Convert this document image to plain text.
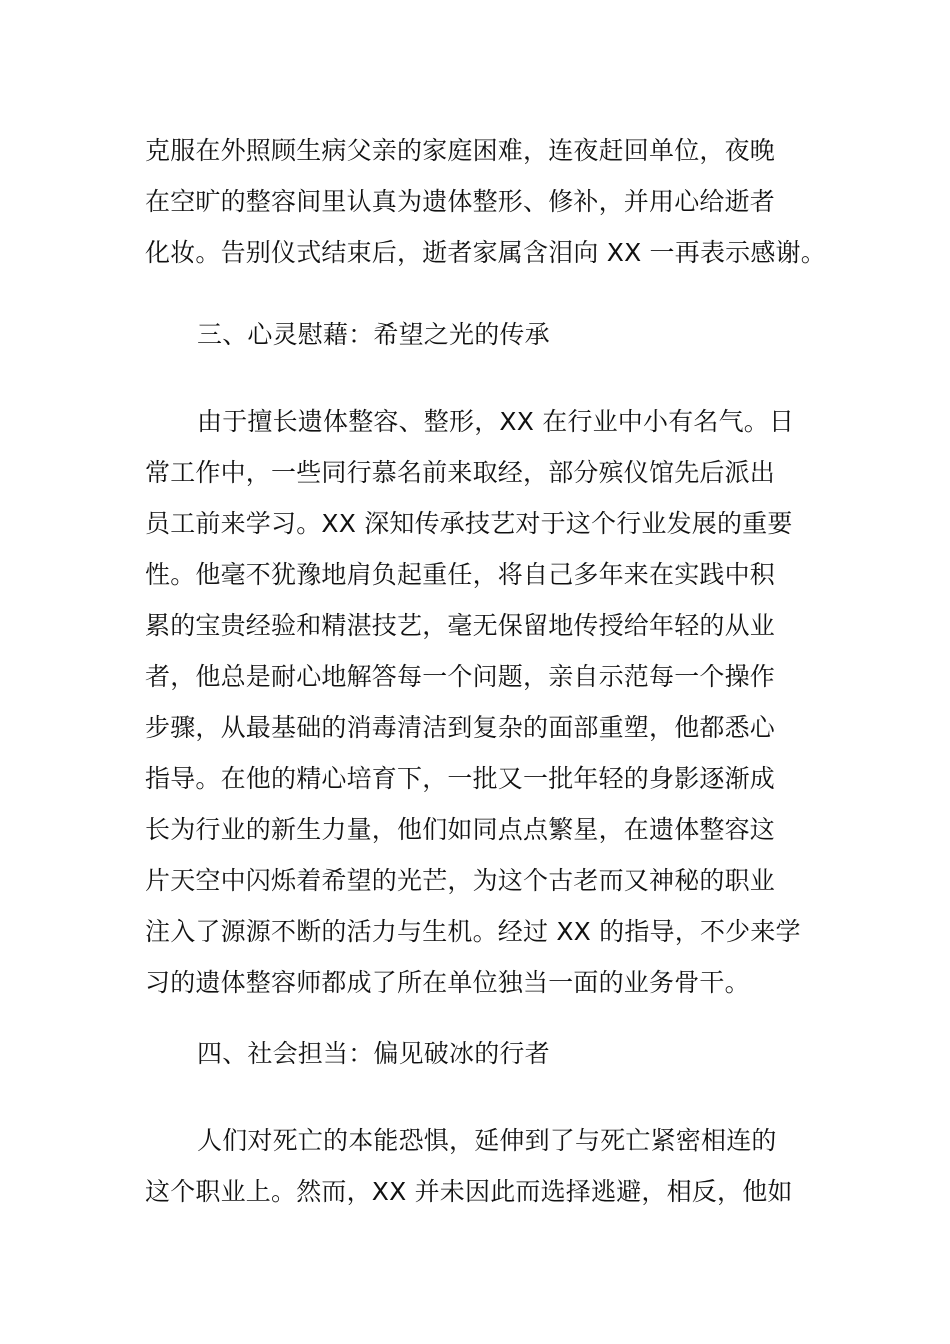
克服在外照顾生病父亲的家庭困难，连夜赶回单位，夜晚
在空旷的整容间里认真为遗体整形、修补，并用心给逝者
化妆。告别仪式结束后，逝者家属含泪向 XX 一再表示感谢。
三、心灵慰藉：希望之光的传承
由于擅长遗体整容、整形，XX 在行业中小有名气。日
常工作中，一些同行慕名前来取经，部分殡仪馆先后派出
员工前来学习。XX 深知传承技艺对于这个行业发展的重要
性。他毫不犹豫地肩负起重任，将自己多年来在实践中积
累的宝贵经验和精湛技艺，毫无保留地传授给年轻的从业
者，他总是耐心地解答每一个问题，亲自示范每一个操作
步骤，从最基础的消毒清洁到复杂的面部重塑，他都悉心
指导。在他的精心培育下，一批又一批年轻的身影逐渐成
长为行业的新生力量，他们如同点点繁星，在遗体整容这
片天空中闪烁着希望的光芒，为这个古老而又神秘的职业
注入了源源不断的活力与生机。经过 XX 的指导，不少来学
习的遗体整容师都成了所在单位独当一面的业务骨干。
四、社会担当：偏见破冰的行者
人们对死亡的本能恐惧，延伸到了与死亡紧密相连的
这个职业上。然而，XX 并未因此而选择逃避，相反，他如
